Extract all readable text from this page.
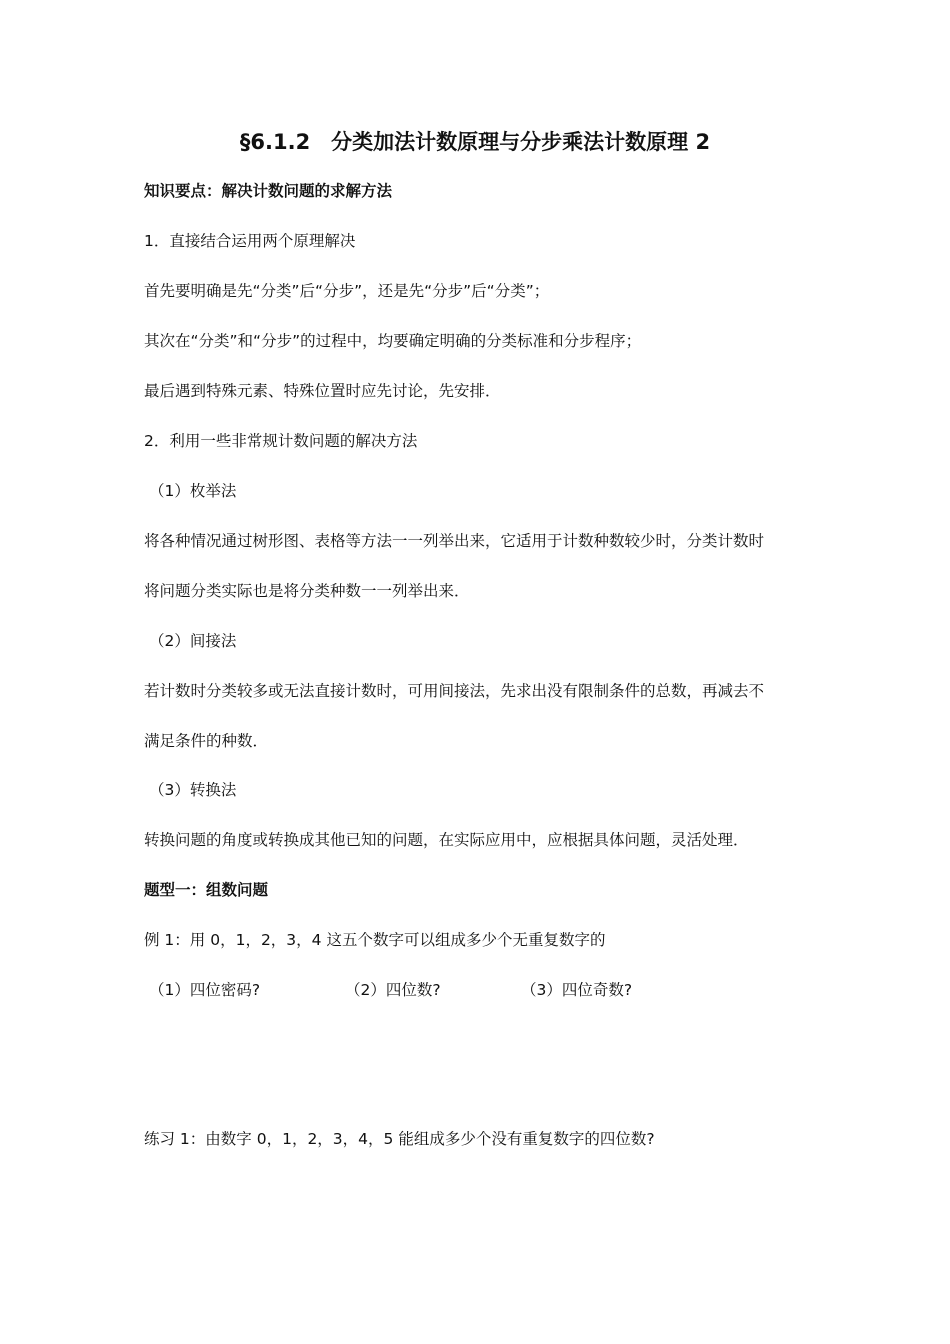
§6.1.2　分类加法计数原理与分步乘法计数原理 2
知识要点：解决计数问题的求解方法
1．直接结合运用两个原理解决
首先要明确是先“分类”后“分步”，还是先“分步”后“分类”；
其次在“分类”和“分步”的过程中，均要确定明确的分类标准和分步程序；
最后遇到特殊元素、特殊位置时应先讨论，先安排．
2．利用一些非常规计数问题的解决方法
（1）枚举法
将各种情况通过树形图、表格等方法一一列举出来，它适用于计数种数较少时，分类计数时
将问题分类实际也是将分类种数一一列举出来．
（2）间接法
若计数时分类较多或无法直接计数时，可用间接法，先求出没有限制条件的总数，再减去不
满足条件的种数．
（3）转换法
转换问题的角度或转换成其他已知的问题，在实际应用中，应根据具体问题，灵活处理．
题型一：组数问题
例 1：用 0，1，2，3，4 这五个数字可以组成多少个无重复数字的
（1）四位密码?	（2）四位数?	（3）四位奇数?
练习 1：由数字 0，1，2，3，4，5 能组成多少个没有重复数字的四位数?
